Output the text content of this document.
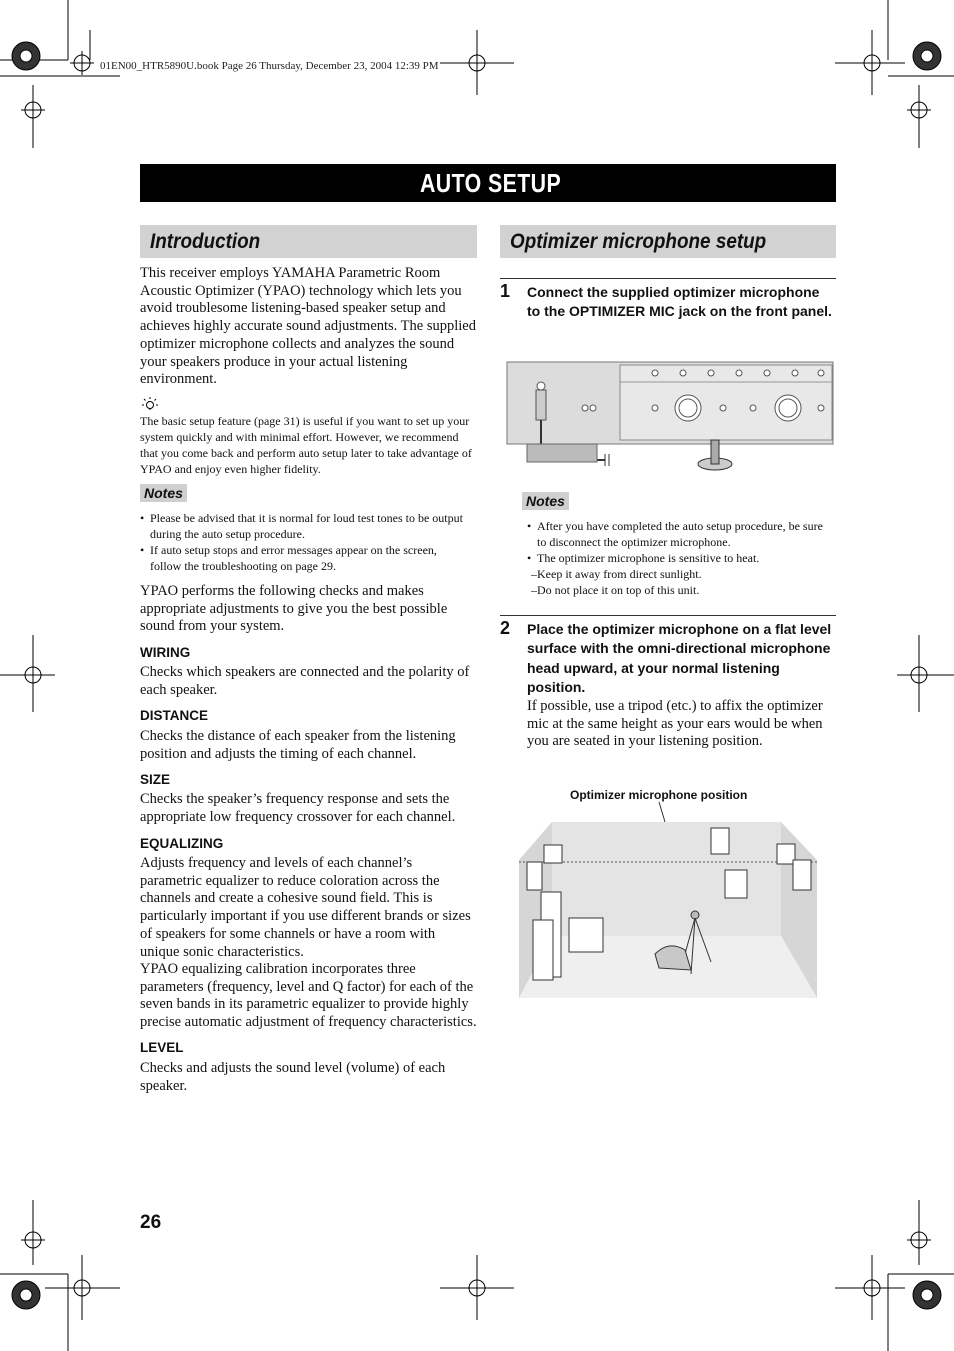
01EN00_HTR5890U.book Page 26 Thursday, December 23, 2004 12:39 PM
AUTO SETUP
Introduction
This receiver employs YAMAHA Parametric Room Acoustic Optimizer (YPAO) technology which lets you avoid troublesome listening-based speaker setup and achieves highly accurate sound adjustments. The supplied optimizer microphone collects and analyzes the sound your speakers produce in your actual listening environment.
The basic setup feature (page 31) is useful if you want to set up your system quickly and with minimal effort. However, we recommend that you come back and perform auto setup later to take advantage of YPAO and enjoy even higher fidelity.
Notes
• Please be advised that it is normal for loud test tones to be output during the auto setup procedure.
• If auto setup stops and error messages appear on the screen, follow the troubleshooting on page 29.
YPAO performs the following checks and makes appropriate adjustments to give you the best possible sound from your system.
WIRING
Checks which speakers are connected and the polarity of each speaker.
DISTANCE
Checks the distance of each speaker from the listening position and adjusts the timing of each channel.
SIZE
Checks the speaker’s frequency response and sets the appropriate low frequency crossover for each channel.
EQUALIZING
Adjusts frequency and levels of each channel’s parametric equalizer to reduce coloration across the channels and create a cohesive sound field. This is particularly important if you use different brands or sizes of speakers for some channels or have a room with unique sonic characteristics.
YPAO equalizing calibration incorporates three parameters (frequency, level and Q factor) for each of the seven bands in its parametric equalizer to provide highly precise automatic adjustment of frequency characteristics.
LEVEL
Checks and adjusts the sound level (volume) of each speaker.
Optimizer microphone setup
1 Connect the supplied optimizer microphone to the OPTIMIZER MIC jack on the front panel.
Notes
• After you have completed the auto setup procedure, be sure to disconnect the optimizer microphone.
• The optimizer microphone is sensitive to heat.
–Keep it away from direct sunlight.
–Do not place it on top of this unit.
2 Place the optimizer microphone on a flat level surface with the omni-directional microphone head upward, at your normal listening position.
If possible, use a tripod (etc.) to affix the optimizer mic at the same height as your ears would be when you are seated in your listening position.
Optimizer microphone position
26
